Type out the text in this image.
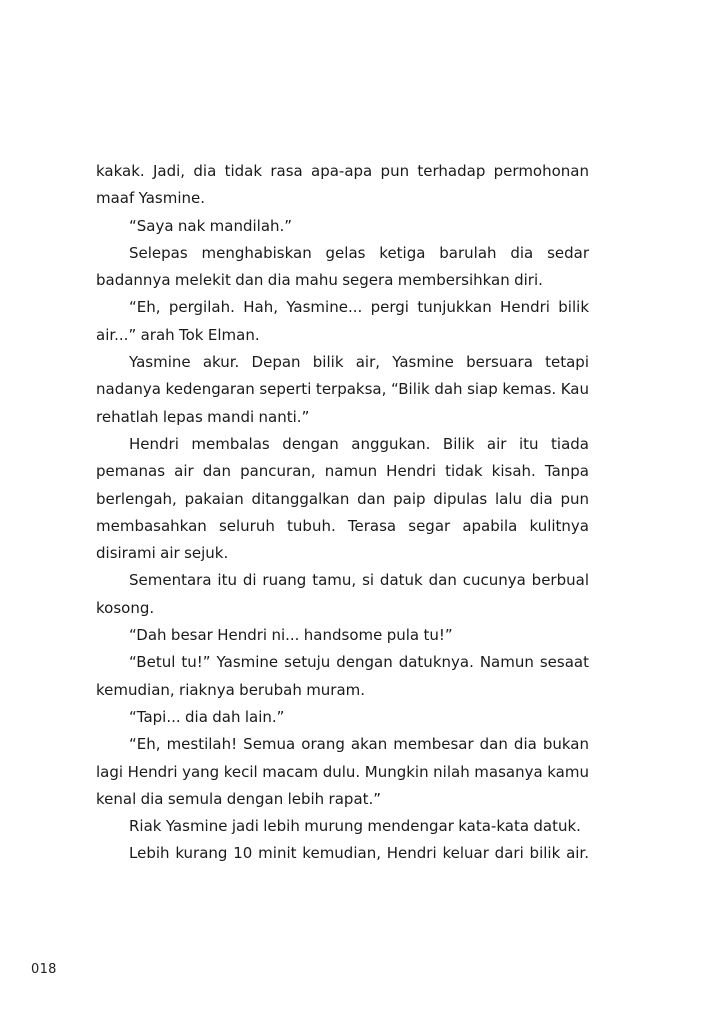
kakak. Jadi, dia tidak rasa apa-apa pun terhadap permohonan maaf Yasmine.

“Saya nak mandilah.”

Selepas menghabiskan gelas ketiga barulah dia sedar badannya melekit dan dia mahu segera membersihkan diri.

“Eh, pergilah. Hah, Yasmine... pergi tunjukkan Hendri bilik air...” arah Tok Elman.

Yasmine akur. Depan bilik air, Yasmine bersuara tetapi nadanya kedengaran seperti terpaksa, “Bilik dah siap kemas. Kau rehatlah lepas mandi nanti.”

Hendri membalas dengan anggukan. Bilik air itu tiada pemanas air dan pancuran, namun Hendri tidak kisah. Tanpa berlengah, pakaian ditanggalkan dan paip dipulas lalu dia pun membasahkan seluruh tubuh. Terasa segar apabila kulitnya disirami air sejuk.

Sementara itu di ruang tamu, si datuk dan cucunya berbual kosong.

“Dah besar Hendri ni... handsome pula tu!”

“Betul tu!” Yasmine setuju dengan datuknya. Namun sesaat kemudian, riaknya berubah muram.

“Tapi... dia dah lain.”

“Eh, mestilah! Semua orang akan membesar dan dia bukan lagi Hendri yang kecil macam dulu. Mungkin nilah masanya kamu kenal dia semula dengan lebih rapat.”

Riak Yasmine jadi lebih murung mendengar kata-kata datuk.

Lebih kurang 10 minit kemudian, Hendri keluar dari bilik air.

018
